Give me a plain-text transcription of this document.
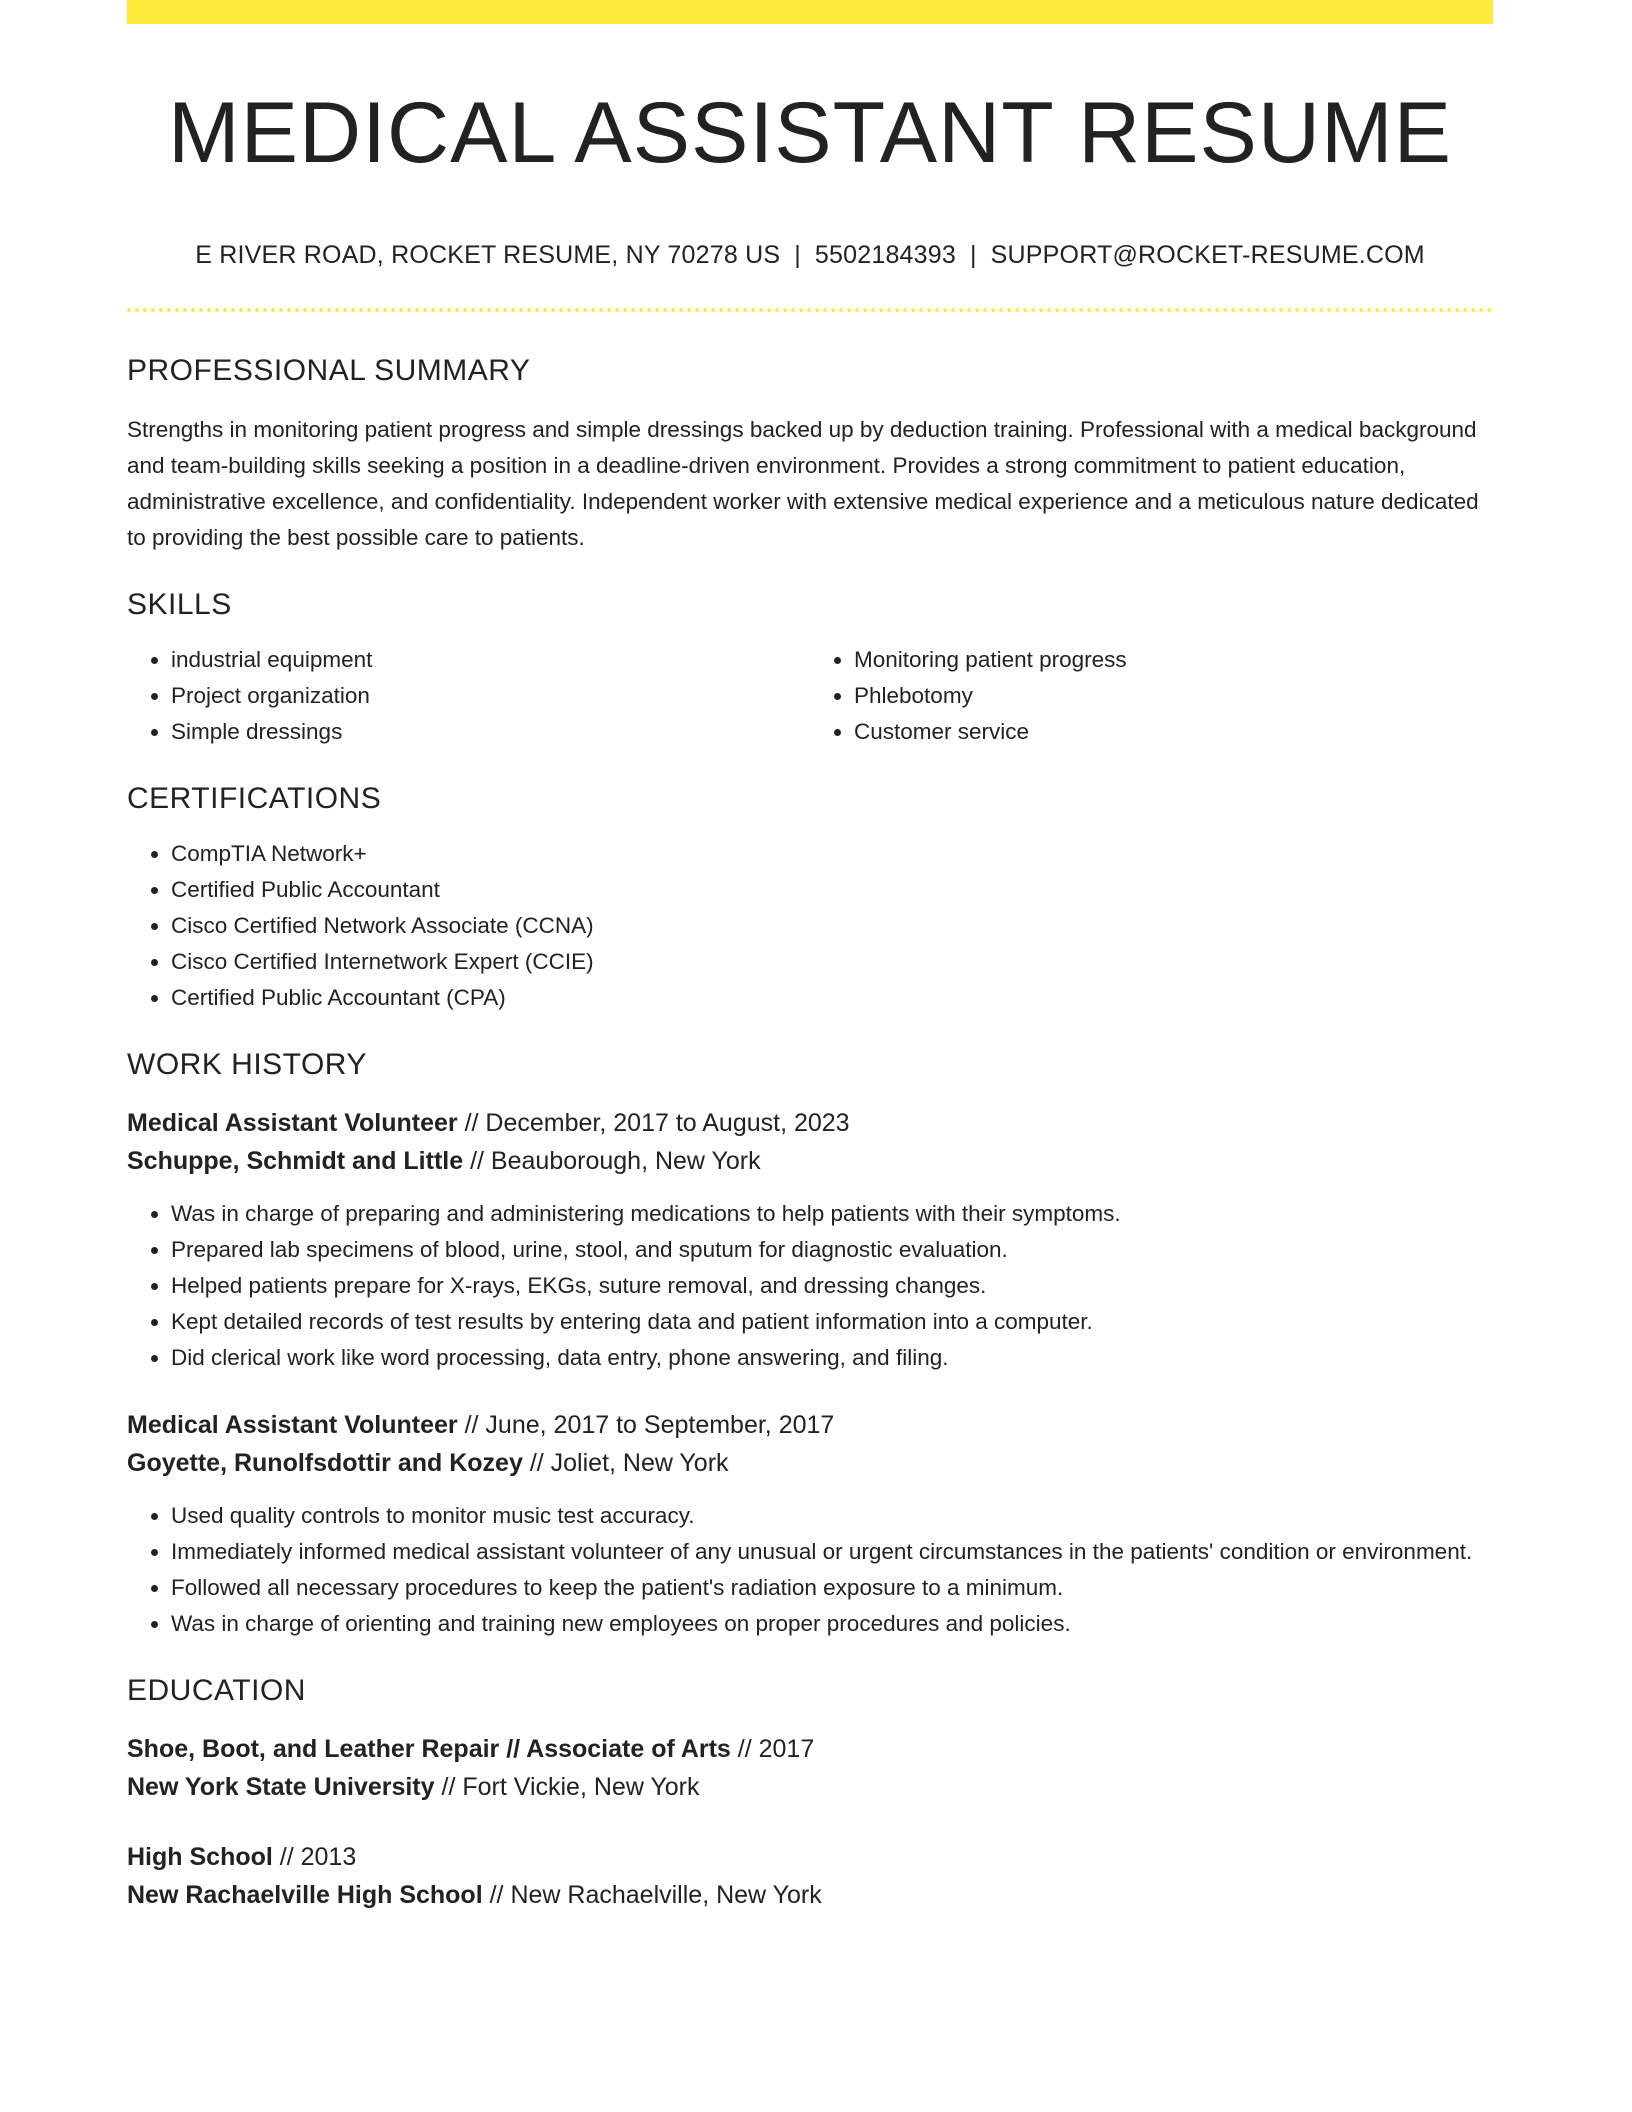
MEDICAL ASSISTANT RESUME
E RIVER ROAD, ROCKET RESUME, NY 70278 US | 5502184393 | SUPPORT@ROCKET-RESUME.COM
PROFESSIONAL SUMMARY

Strengths in monitoring patient progress and simple dressings backed up by deduction training. Professional with a medical background and team-building skills seeking a position in a deadline-driven environment. Provides a strong commitment to patient education, administrative excellence, and confidentiality. Independent worker with extensive medical experience and a meticulous nature dedicated to providing the best possible care to patients.

SKILLS
• industrial equipment
• Project organization
• Simple dressings
• Monitoring patient progress
• Phlebotomy
• Customer service
CERTIFICATIONS
• CompTIA Network+
• Certified Public Accountant
• Cisco Certified Network Associate (CCNA)
• Cisco Certified Internetwork Expert (CCIE)
• Certified Public Accountant (CPA)
WORK HISTORY
Medical Assistant Volunteer // December, 2017 to August, 2023
Schuppe, Schmidt and Little // Beauborough, New York
• Was in charge of preparing and administering medications to help patients with their symptoms.
• Prepared lab specimens of blood, urine, stool, and sputum for diagnostic evaluation.
• Helped patients prepare for X-rays, EKGs, suture removal, and dressing changes.
• Kept detailed records of test results by entering data and patient information into a computer.
• Did clerical work like word processing, data entry, phone answering, and filing.
Medical Assistant Volunteer // June, 2017 to September, 2017
Goyette, Runolfsdottir and Kozey // Joliet, New York
• Used quality controls to monitor music test accuracy.
• Immediately informed medical assistant volunteer of any unusual or urgent circumstances in the patients' condition or environment.
• Followed all necessary procedures to keep the patient's radiation exposure to a minimum.
• Was in charge of orienting and training new employees on proper procedures and policies.
EDUCATION
Shoe, Boot, and Leather Repair // Associate of Arts // 2017
New York State University // Fort Vickie, New York
High School // 2013
New Rachaelville High School // New Rachaelville, New York
